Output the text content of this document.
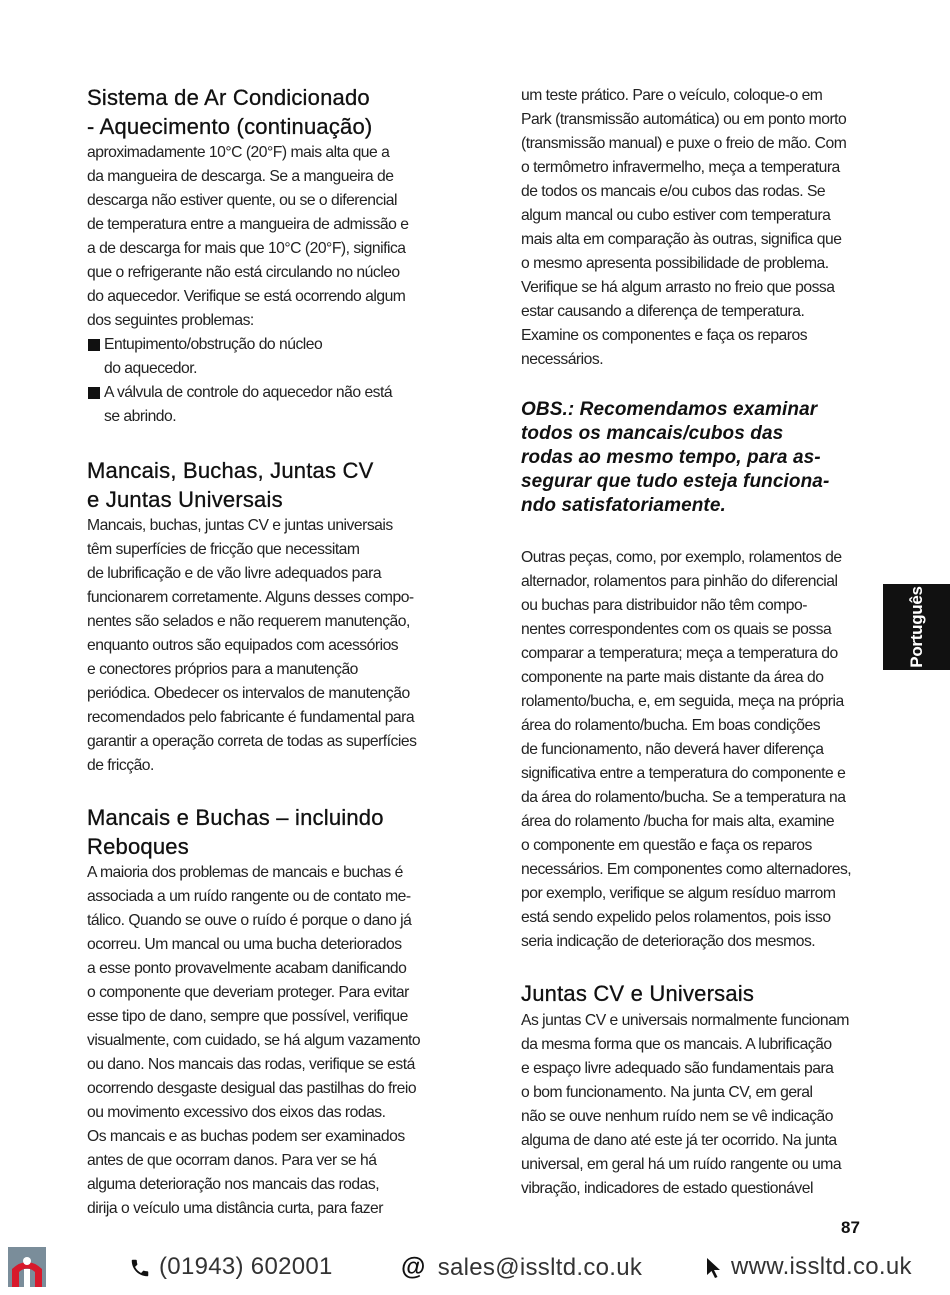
Sistema de Ar Condicionado
- Aquecimento (continuação)

aproximadamente 10°C (20°F) mais alta que a
da mangueira de descarga. Se a mangueira de
descarga não estiver quente, ou se o diferencial
de temperatura entre a mangueira de admissão e
a de descarga for mais que 10°C (20°F), significa
que o refrigerante não está circulando no núcleo
do aquecedor. Verifique se está ocorrendo algum
dos seguintes problemas:

Entupimento/obstrução do núcleo
do aquecedor.
A válvula de controle do aquecedor não está
se abrindo.
Mancais, Buchas, Juntas CV
e Juntas Universais

Mancais, buchas, juntas CV e juntas universais
têm superfícies de fricção que necessitam
de lubrificação e de vão livre adequados para
funcionarem corretamente. Alguns desses compo-
nentes são selados e não requerem manutenção,
enquanto outros são equipados com acessórios
e conectores próprios para a manutenção
periódica. Obedecer os intervalos de manutenção
recomendados pelo fabricante é fundamental para
garantir a operação correta de todas as superfícies
de fricção.

Mancais e Buchas – incluindo
Reboques

A maioria dos problemas de mancais e buchas é
associada a um ruído rangente ou de contato me-
tálico. Quando se ouve o ruído é porque o dano já
ocorreu. Um mancal ou uma bucha deteriorados
a esse ponto provavelmente acabam danificando
o componente que deveriam proteger. Para evitar
esse tipo de dano, sempre que possível, verifique
visualmente, com cuidado, se há algum vazamento
ou dano. Nos mancais das rodas, verifique se está
ocorrendo desgaste desigual das pastilhas do freio
ou movimento excessivo dos eixos das rodas.
Os mancais e as buchas podem ser examinados
antes de que ocorram danos. Para ver se há
alguma deterioração nos mancais das rodas,
dirija o veículo uma distância curta, para fazer

um teste prático. Pare o veículo, coloque-o em
Park (transmissão automática) ou em ponto morto
(transmissão manual) e puxe o freio de mão. Com
o termômetro infravermelho, meça a temperatura
de todos os mancais e/ou cubos das rodas. Se
algum mancal ou cubo estiver com temperatura
mais alta em comparação às outras, significa que
o mesmo apresenta possibilidade de problema.
Verifique se há algum arrasto no freio que possa
estar causando a diferença de temperatura.
Examine os componentes e faça os reparos
necessários.

OBS.: Recomendamos examinar
todos os mancais/cubos das
rodas ao mesmo tempo, para as-
segurar que tudo esteja funciona-
ndo satisfatoriamente.

Outras peças, como, por exemplo, rolamentos de
alternador, rolamentos para pinhão do diferencial
ou buchas para distribuidor não têm compo-
nentes correspondentes com os quais se possa
comparar a temperatura; meça a temperatura do
componente na parte mais distante da área do
rolamento/bucha, e, em seguida, meça na própria
área do rolamento/bucha. Em boas condições
de funcionamento, não deverá haver diferença
significativa entre a temperatura do componente e
da área do rolamento/bucha. Se a temperatura na
área do rolamento /bucha for mais alta, examine
o componente em questão e faça os reparos
necessários. Em componentes como alternadores,
por exemplo, verifique se algum resíduo marrom
está sendo expelido pelos rolamentos, pois isso
seria indicação de deterioração dos mesmos.

Juntas CV e Universais

As juntas CV e universais normalmente funcionam
da mesma forma que os mancais. A lubrificação
e espaço livre adequado são fundamentais para
o bom funcionamento. Na junta CV, em geral
não se ouve nenhum ruído nem se vê indicação
alguma de dano até este já ter ocorrido. Na junta
universal, em geral há um ruído rangente ou uma
vibração, indicadores de estado questionável

Português
87
(01943) 602001	@ sales@issltd.co.uk	www.issltd.co.uk
